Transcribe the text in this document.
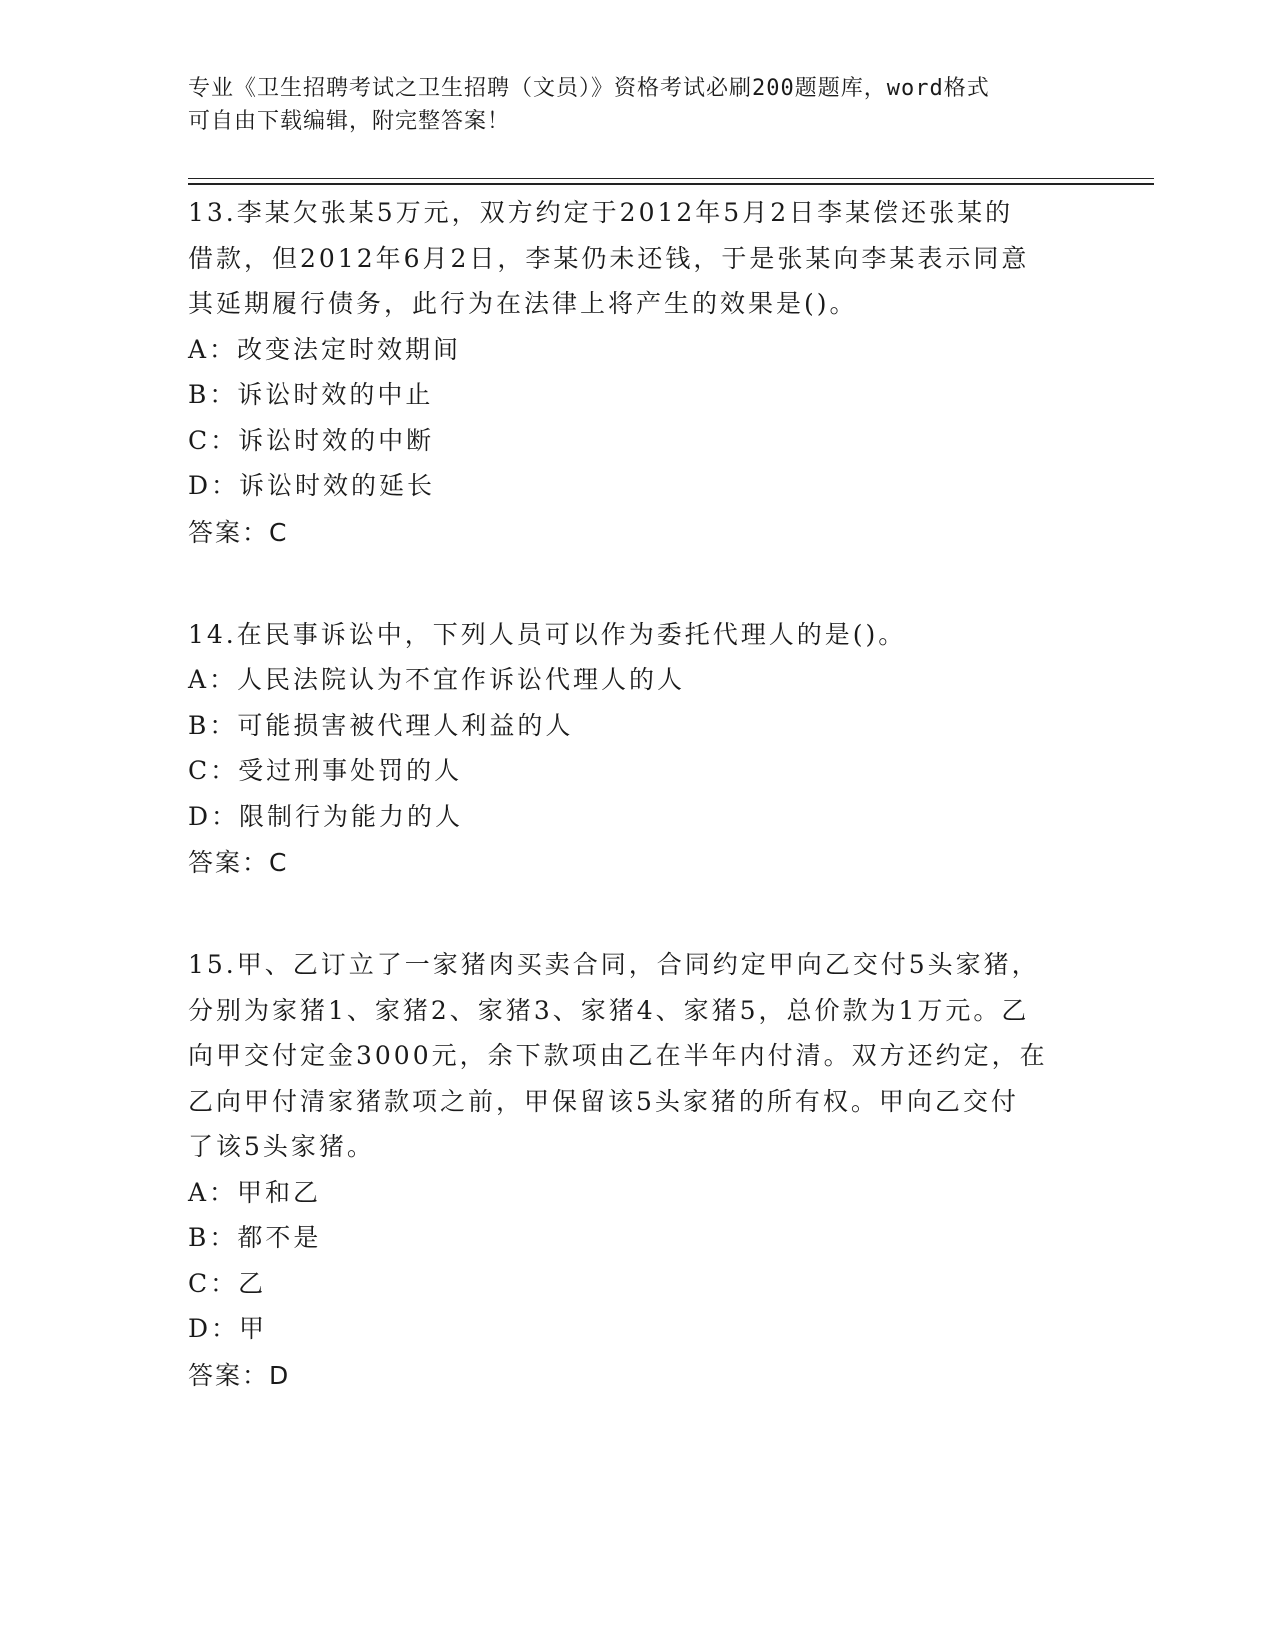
专业《卫生招聘考试之卫生招聘（文员）》资格考试必刷200题题库，word格式
可自由下载编辑，附完整答案！
13.李某欠张某5万元，双方约定于2012年5月2日李某偿还张某的
借款，但2012年6月2日，李某仍未还钱，于是张某向李某表示同意
其延期履行债务，此行为在法律上将产生的效果是()。
A：改变法定时效期间
B：诉讼时效的中止
C：诉讼时效的中断
D：诉讼时效的延长
答案：C
14.在民事诉讼中，下列人员可以作为委托代理人的是()。
A：人民法院认为不宜作诉讼代理人的人
B：可能损害被代理人利益的人
C：受过刑事处罚的人
D：限制行为能力的人
答案：C
15.甲、乙订立了一家猪肉买卖合同，合同约定甲向乙交付5头家猪，
分别为家猪1、家猪2、家猪3、家猪4、家猪5，总价款为1万元。乙
向甲交付定金3000元，余下款项由乙在半年内付清。双方还约定，在
乙向甲付清家猪款项之前，甲保留该5头家猪的所有权。甲向乙交付
了该5头家猪。
A：甲和乙
B：都不是
C：乙
D：甲
答案：D
